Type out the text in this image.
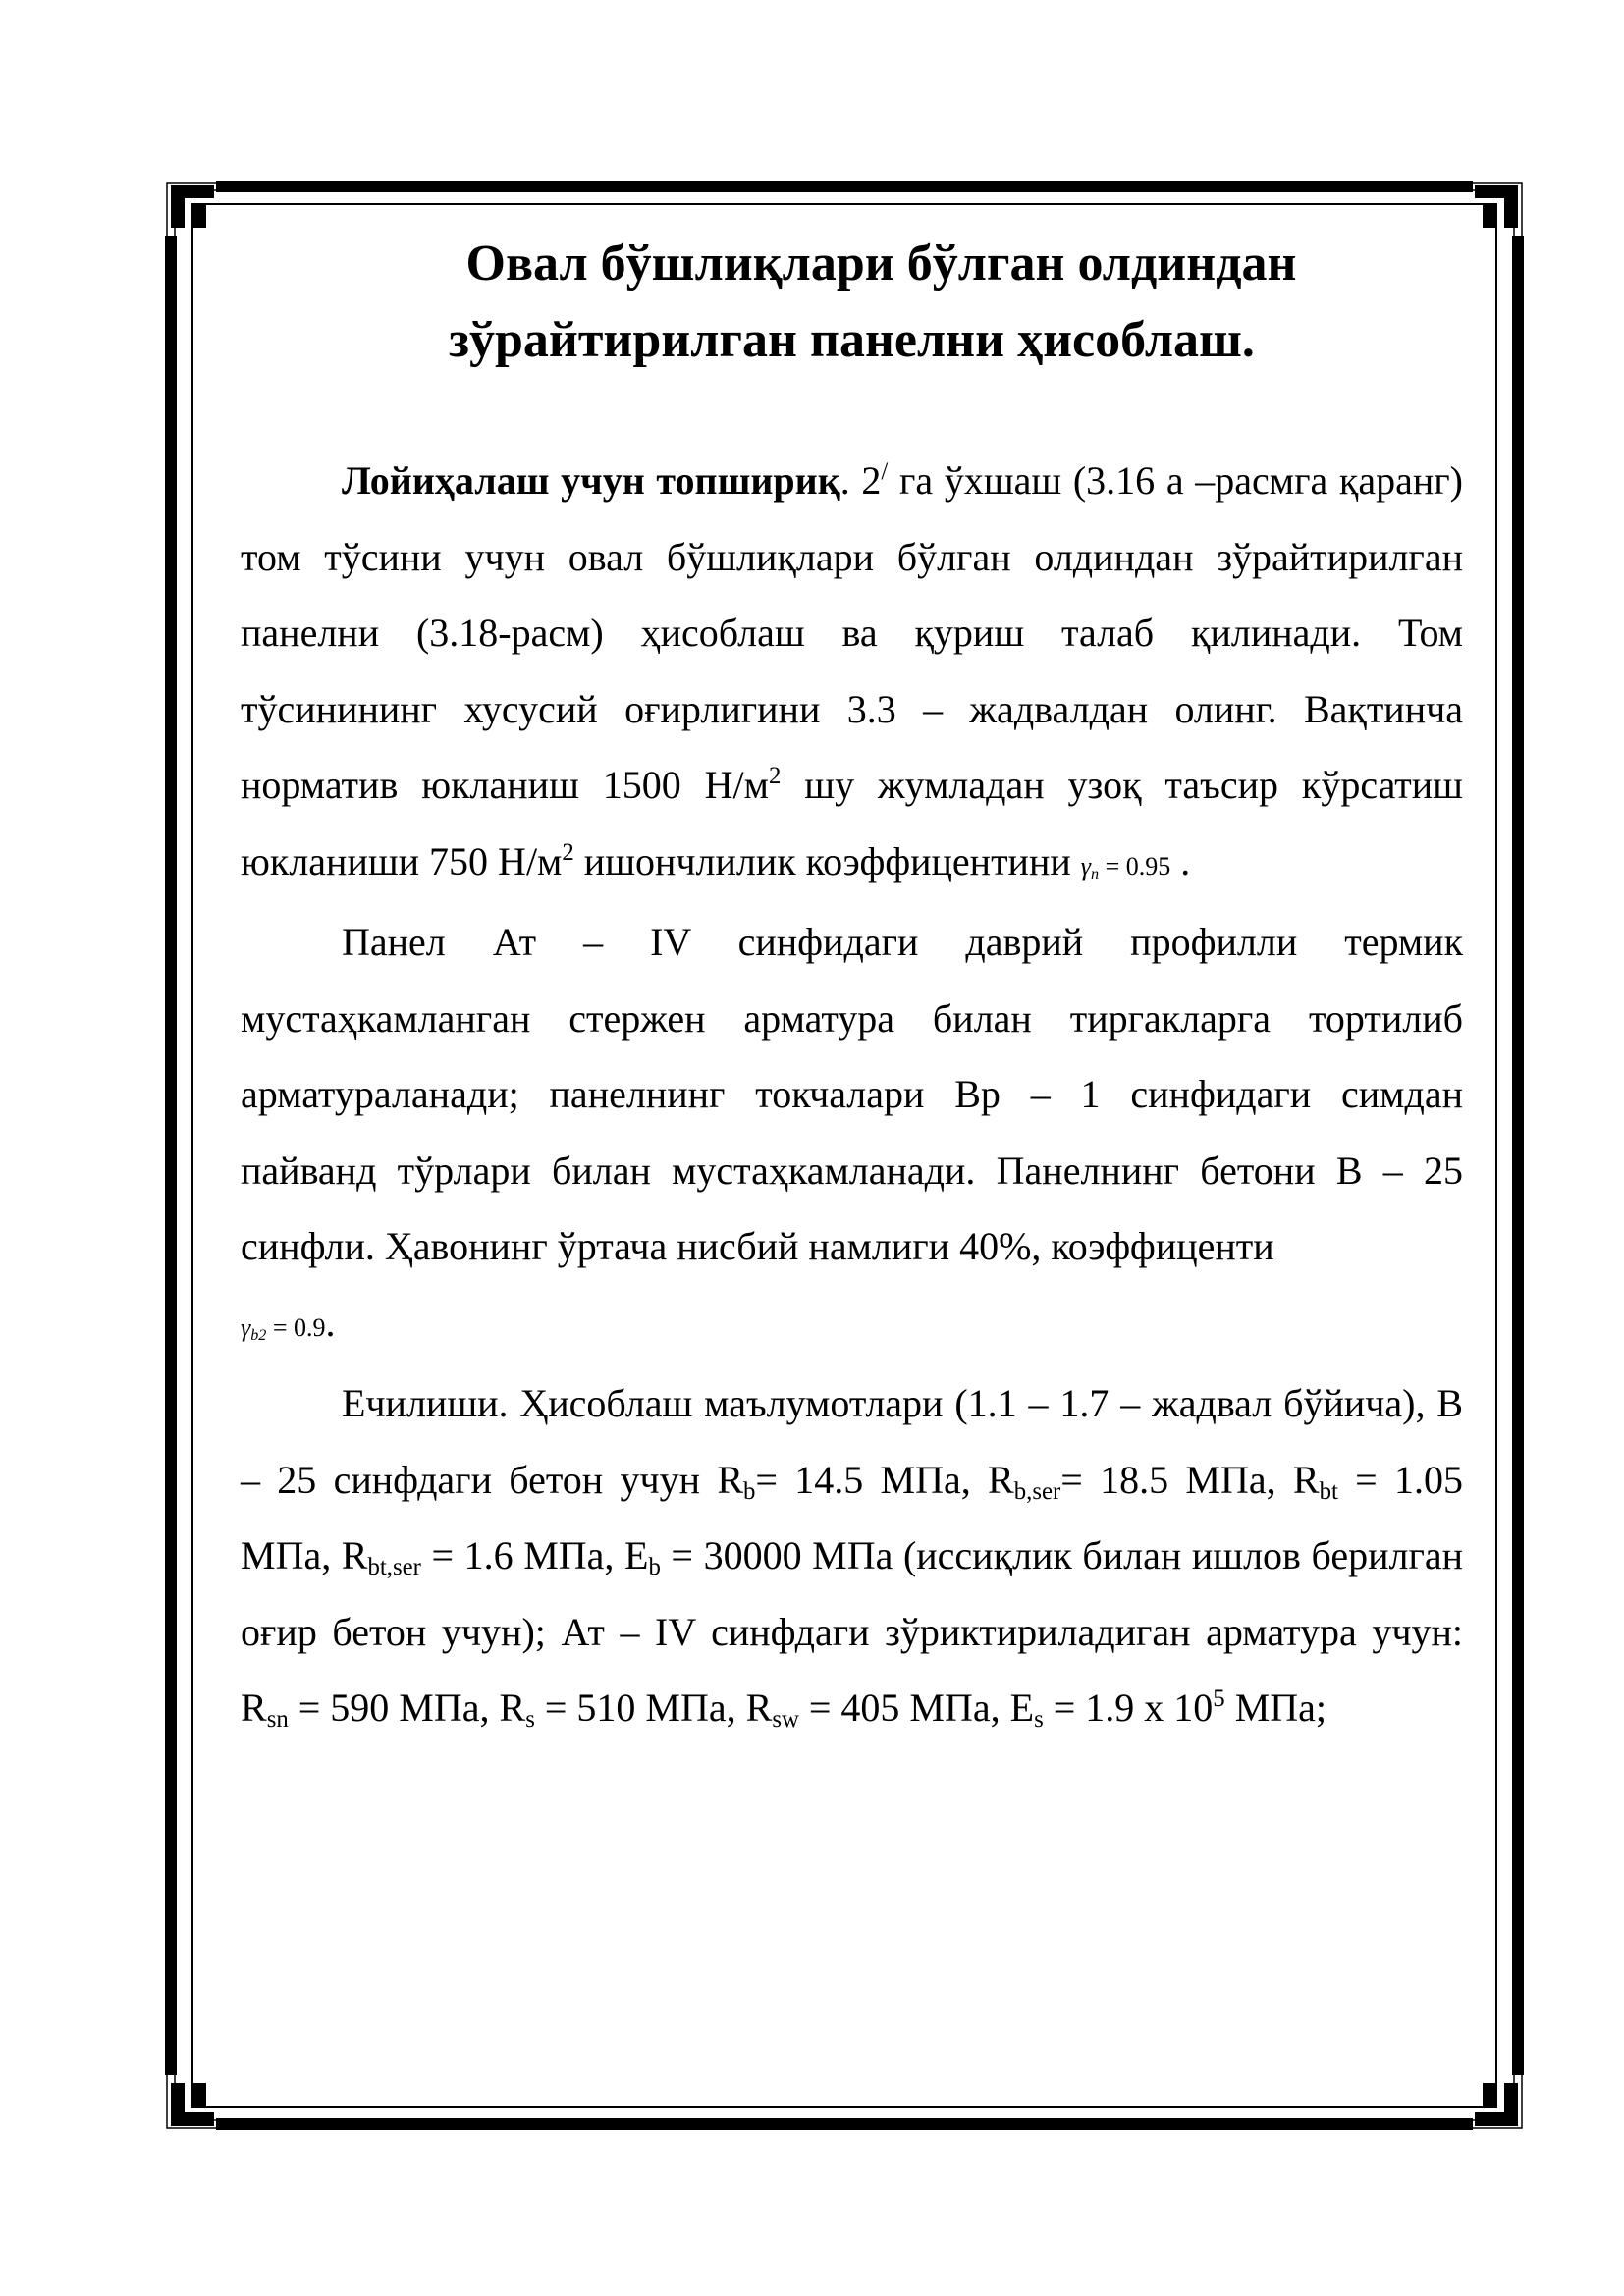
Овал бўшлиқлари бўлган олдиндан
зўрайтирилган панелни ҳисоблаш.

Лойиҳалаш учун топшириқ. 2/ га ўхшаш (3.16 а –расмга қаранг) том тўсини учун овал бўшлиқлари бўлган олдиндан зўрайтирилган панелни (3.18-расм) ҳисоблаш ва қуриш талаб қилинади. Том тўсинининг хусусий оғирлигини 3.3 – жадвалдан олинг. Вақтинча норматив юкланиш 1500 $Н/м^2$ шу жумладан узоқ таъсир кўрсатиш юкланиши 750 $Н/м^2$ ишончлилик коэффицентини $\gamma_n = 0.95$ .

Панел Ат – IV синфидаги даврий профилли термик мустаҳкамланган стержен арматура билан тиргакларга тортилиб арматураланади; панелнинг токчалари Вр – 1 синфидаги симдан пайванд тўрлари билан мустаҳкамланади. Панелнинг бетони В – 25 синфли. Ҳавонинг ўртача нисбий намлиги 40%, коэффиценти

$\gamma_{b2} = 0.9$.

Ечилиши. Ҳисоблаш маълумотлари (1.1 – 1.7 – жадвал бўйича), В – 25 синфдаги бетон учун $R_b= 14.5$ МПа, $R_{b,ser}= 18.5$ МПа, $R_{bt} = 1.05$ МПа, $R_{bt,ser} = 1.6$ МПа, $E_b = 30000$ МПа (иссиқлик билан ишлов берилган оғир бетон учун); Ат – IV синфдаги зўриктириладиган арматура учун: $R_{sn} = 590$ МПа, $R_s = 510$ МПа, $R_{sw} = 405$ МПа, $E_s = 1.9$ х $10^5$ МПа;
